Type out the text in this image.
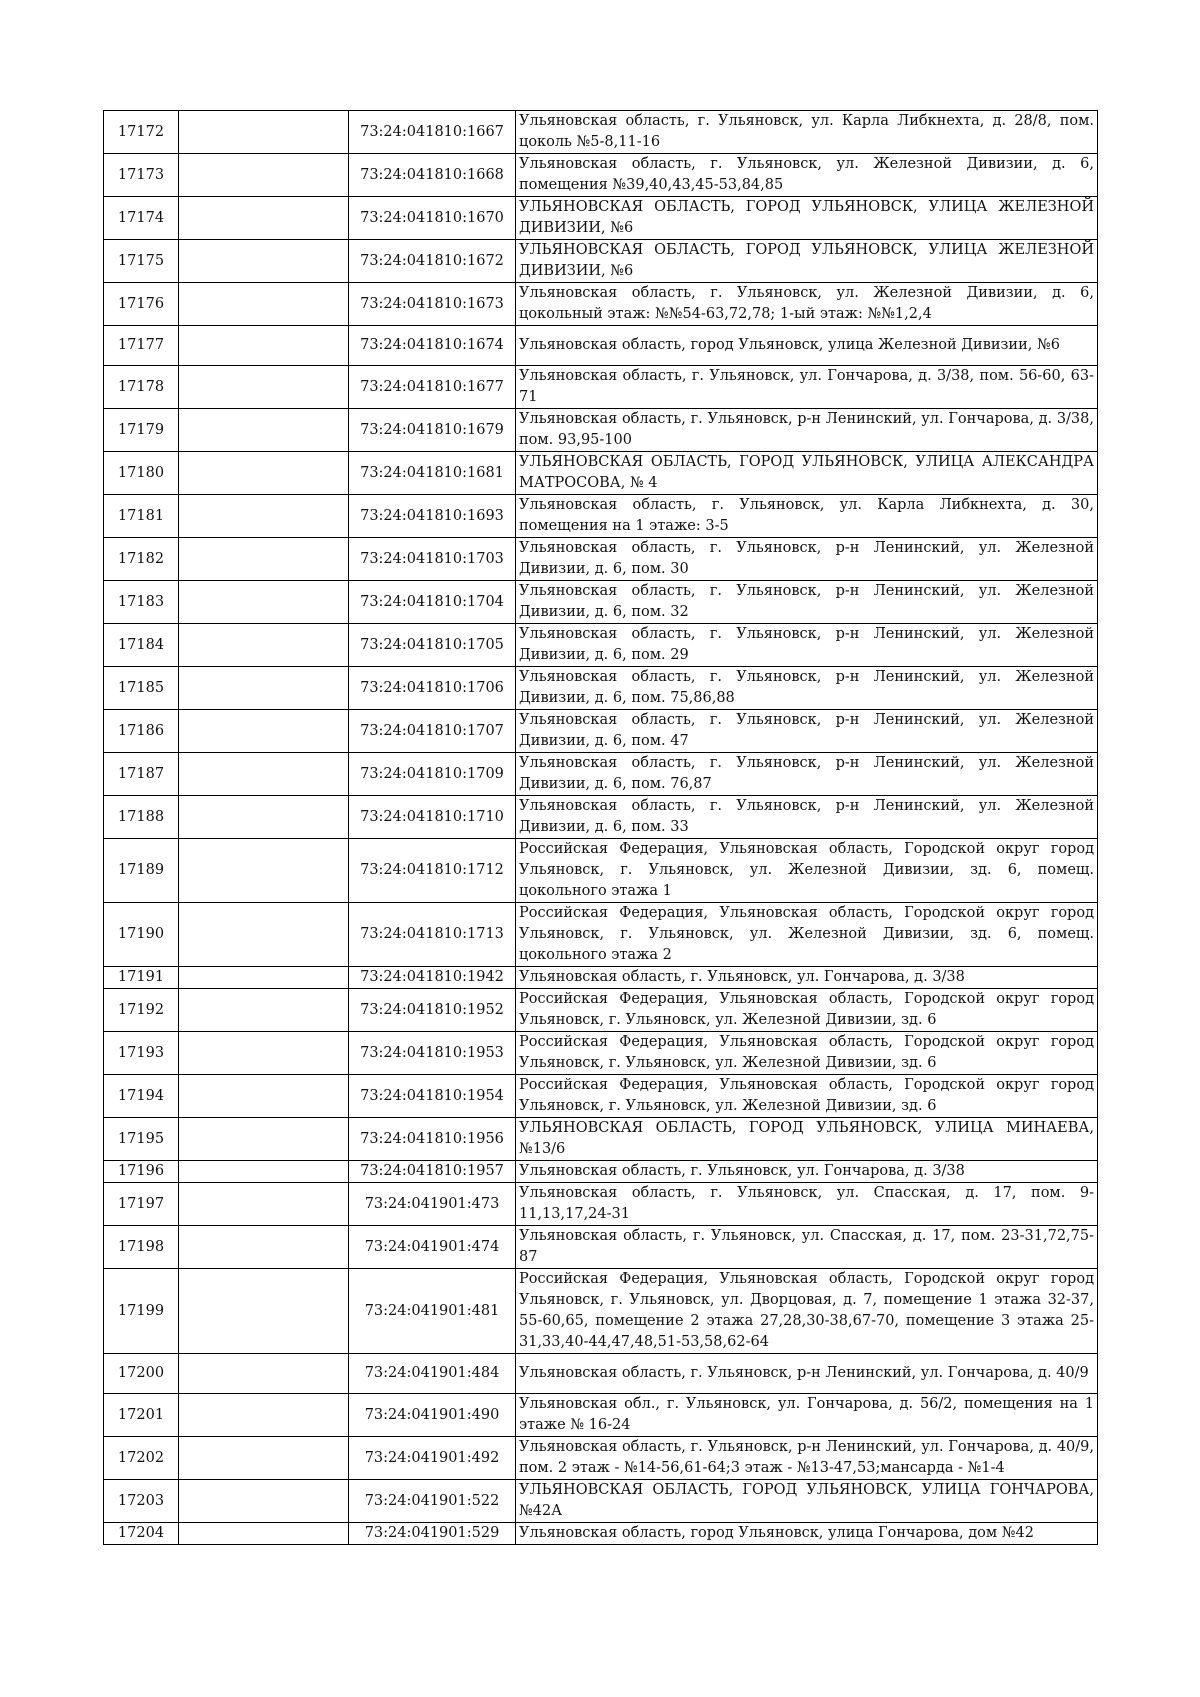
17172		73:24:041810:1667	Ульяновская область, г. Ульяновск, ул. Карла Либкнехта, д. 28/8, пом. цоколь №5-8,11-16
17173		73:24:041810:1668	Ульяновская область, г. Ульяновск, ул. Железной Дивизии, д. 6, помещения №39,40,43,45-53,84,85
17174		73:24:041810:1670	УЛЬЯНОВСКАЯ ОБЛАСТЬ, ГОРОД УЛЬЯНОВСК, УЛИЦА ЖЕЛЕЗНОЙ ДИВИЗИИ, №6
17175		73:24:041810:1672	УЛЬЯНОВСКАЯ ОБЛАСТЬ, ГОРОД УЛЬЯНОВСК, УЛИЦА ЖЕЛЕЗНОЙ ДИВИЗИИ, №6
17176		73:24:041810:1673	Ульяновская область, г. Ульяновск, ул. Железной Дивизии, д. 6, цокольный этаж: №№54-63,72,78; 1-ый этаж: №№1,2,4
17177		73:24:041810:1674	Ульяновская область, город Ульяновск, улица Железной Дивизии, №6
17178		73:24:041810:1677	Ульяновская область, г. Ульяновск, ул. Гончарова, д. 3/38, пом. 56-60, 63-71
17179		73:24:041810:1679	Ульяновская область, г. Ульяновск, р-н Ленинский, ул. Гончарова, д. 3/38, пом. 93,95-100
17180		73:24:041810:1681	УЛЬЯНОВСКАЯ ОБЛАСТЬ, ГОРОД УЛЬЯНОВСК, УЛИЦА АЛЕКСАНДРА МАТРОСОВА, № 4
17181		73:24:041810:1693	Ульяновская область, г. Ульяновск, ул. Карла Либкнехта, д. 30, помещения на 1 этаже: 3-5
17182		73:24:041810:1703	Ульяновская область, г. Ульяновск, р-н Ленинский, ул. Железной Дивизии, д. 6, пом. 30
17183		73:24:041810:1704	Ульяновская область, г. Ульяновск, р-н Ленинский, ул. Железной Дивизии, д. 6, пом. 32
17184		73:24:041810:1705	Ульяновская область, г. Ульяновск, р-н Ленинский, ул. Железной Дивизии, д. 6, пом. 29
17185		73:24:041810:1706	Ульяновская область, г. Ульяновск, р-н Ленинский, ул. Железной Дивизии, д. 6, пом. 75,86,88
17186		73:24:041810:1707	Ульяновская область, г. Ульяновск, р-н Ленинский, ул. Железной Дивизии, д. 6, пом. 47
17187		73:24:041810:1709	Ульяновская область, г. Ульяновск, р-н Ленинский, ул. Железной Дивизии, д. 6, пом. 76,87
17188		73:24:041810:1710	Ульяновская область, г. Ульяновск, р-н Ленинский, ул. Железной Дивизии, д. 6, пом. 33
17189		73:24:041810:1712	Российская Федерация, Ульяновская область, Городской округ город Ульяновск, г. Ульяновск, ул. Железной Дивизии, зд. 6, помещ. цокольного этажа 1
17190		73:24:041810:1713	Российская Федерация, Ульяновская область, Городской округ город Ульяновск, г. Ульяновск, ул. Железной Дивизии, зд. 6, помещ. цокольного этажа 2
17191		73:24:041810:1942	Ульяновская область, г. Ульяновск, ул. Гончарова, д. 3/38
17192		73:24:041810:1952	Российская Федерация, Ульяновская область, Городской округ город Ульяновск, г. Ульяновск, ул. Железной Дивизии, зд. 6
17193		73:24:041810:1953	Российская Федерация, Ульяновская область, Городской округ город Ульяновск, г. Ульяновск, ул. Железной Дивизии, зд. 6
17194		73:24:041810:1954	Российская Федерация, Ульяновская область, Городской округ город Ульяновск, г. Ульяновск, ул. Железной Дивизии, зд. 6
17195		73:24:041810:1956	УЛЬЯНОВСКАЯ ОБЛАСТЬ, ГОРОД УЛЬЯНОВСК, УЛИЦА МИНАЕВА, №13/6
17196		73:24:041810:1957	Ульяновская область, г. Ульяновск, ул. Гончарова, д. 3/38
17197		73:24:041901:473	Ульяновская область, г. Ульяновск, ул. Спасская, д. 17, пом. 9-11,13,17,24-31
17198		73:24:041901:474	Ульяновская область, г. Ульяновск, ул. Спасская, д. 17, пом. 23-31,72,75-87
17199		73:24:041901:481	Российская Федерация, Ульяновская область, Городской округ город Ульяновск, г. Ульяновск, ул. Дворцовая, д. 7, помещение 1 этажа 32-37, 55-60,65, помещение 2 этажа 27,28,30-38,67-70, помещение 3 этажа 25-31,33,40-44,47,48,51-53,58,62-64
17200		73:24:041901:484	Ульяновская область, г. Ульяновск, р-н Ленинский, ул. Гончарова, д. 40/9
17201		73:24:041901:490	Ульяновская обл., г. Ульяновск, ул. Гончарова, д. 56/2, помещения на 1 этаже № 16-24
17202		73:24:041901:492	Ульяновская область, г. Ульяновск, р-н Ленинский, ул. Гончарова, д. 40/9, пом. 2 этаж - №14-56,61-64;3 этаж - №13-47,53;мансарда - №1-4
17203		73:24:041901:522	УЛЬЯНОВСКАЯ ОБЛАСТЬ, ГОРОД УЛЬЯНОВСК, УЛИЦА ГОНЧАРОВА, №42А
17204		73:24:041901:529	Ульяновская область, город Ульяновск, улица Гончарова, дом №42
